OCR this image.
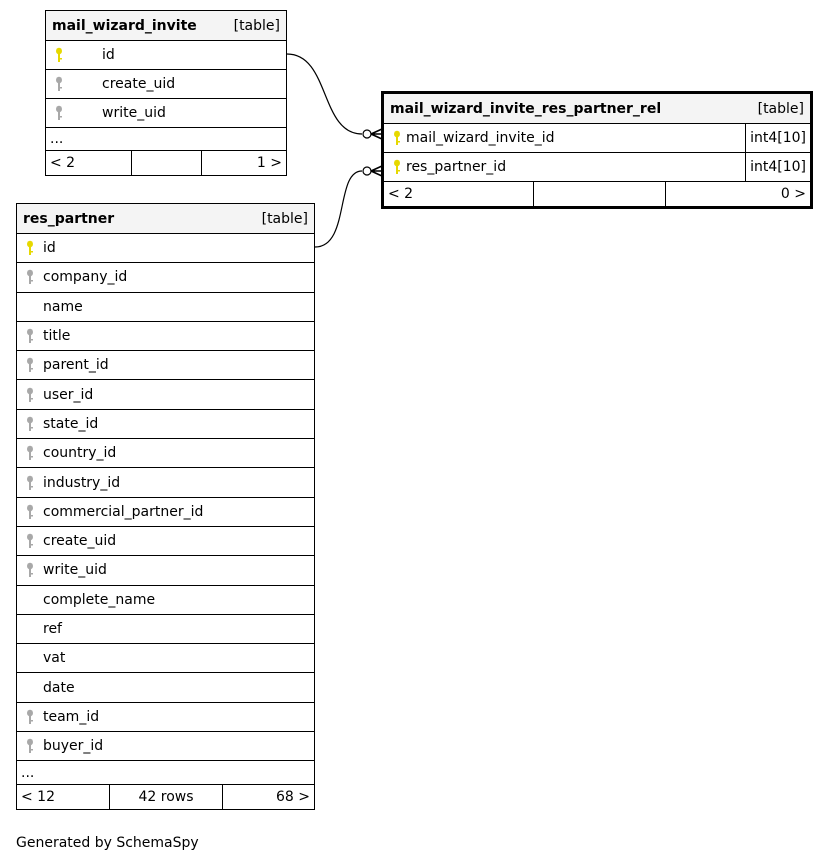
mail_wizard_invite	[table]
id
create_uid
write_uid
...
< 2	1 >
mail_wizard_invite_res_partner_rel	[table]
mail_wizard_invite_id	int4[10]
res_partner_id	int4[10]
< 2	0 >
res_partner	[table]
id
company_id
name
title
parent_id
user_id
state_id
country_id
industry_id
commercial_partner_id
create_uid
write_uid
complete_name
ref
vat
date
team_id
buyer_id
...
< 12	42 rows	68 >
Generated by SchemaSpy
